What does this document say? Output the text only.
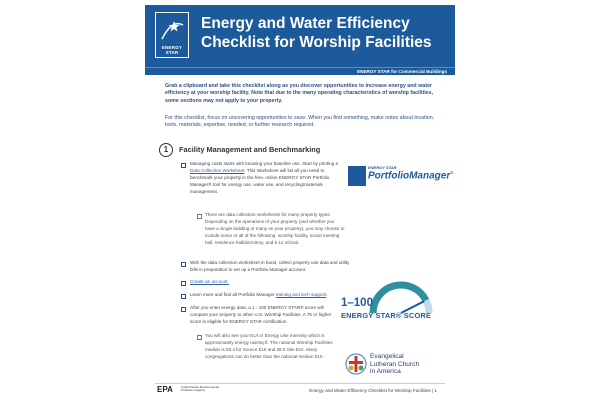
ENERGY STAR
Energy and Water Efficiency
Checklist for Worship Facilities
ENERGY STAR for Commercial Buildings
Grab a clipboard and take this checklist along as you discover opportunities to increase energy and water efficiency at your worship facility. Note that due to the many operating characteristics of worship facilities, some sections may not apply to your property.
For this checklist, focus on uncovering opportunities to save. When you find something, make notes about location, tools, materials, expertise, needed, or further research required.
1	Facility Management and Benchmarking
Managing costs starts with knowing your baseline use. Start by printing a Data Collection Worksheet. This Worksheet will list all you need to benchmark your property in the free, online ENERGY STAR Portfolio Manager® tool for energy use, water use, and recycling/materials management.
ENERGY STAR
PortfolioManager®
There are data collection worksheets for many property types. Depending on the operations of your property (and whether you have a single building or many on your property), you may choose to include some or all of the following: worship facility, social meeting hall, residence hall/dormitory, and k-12 school.
With the data collection worksheet in hand, collect property use data and utility bills in preparation to set up a Portfolio Manager account.
Create an account.
Learn more and find all Portfolio Manager training and tech support.
After you enter energy data, a 1 - 100 ENERGY STAR® score will compare your property to other U.S. Worship Facilities. A 75 or higher score is eligible for ENERGY STAR certification.
You will also see your EUI or Energy Use Intensity which is approximately energy use/sq.ft. The national Worship Facilities median is 58.4 for Source EUI and 38.5 Site EUI. Many congregations can do better than the national median EUI.
1–100
ENERGY STAR® SCORE
Evangelical
Lutheran Church
in America
EPA	United States Environmental Protection Agency	Energy and Water Efficiency Checklist for Worship Facilities | 1
